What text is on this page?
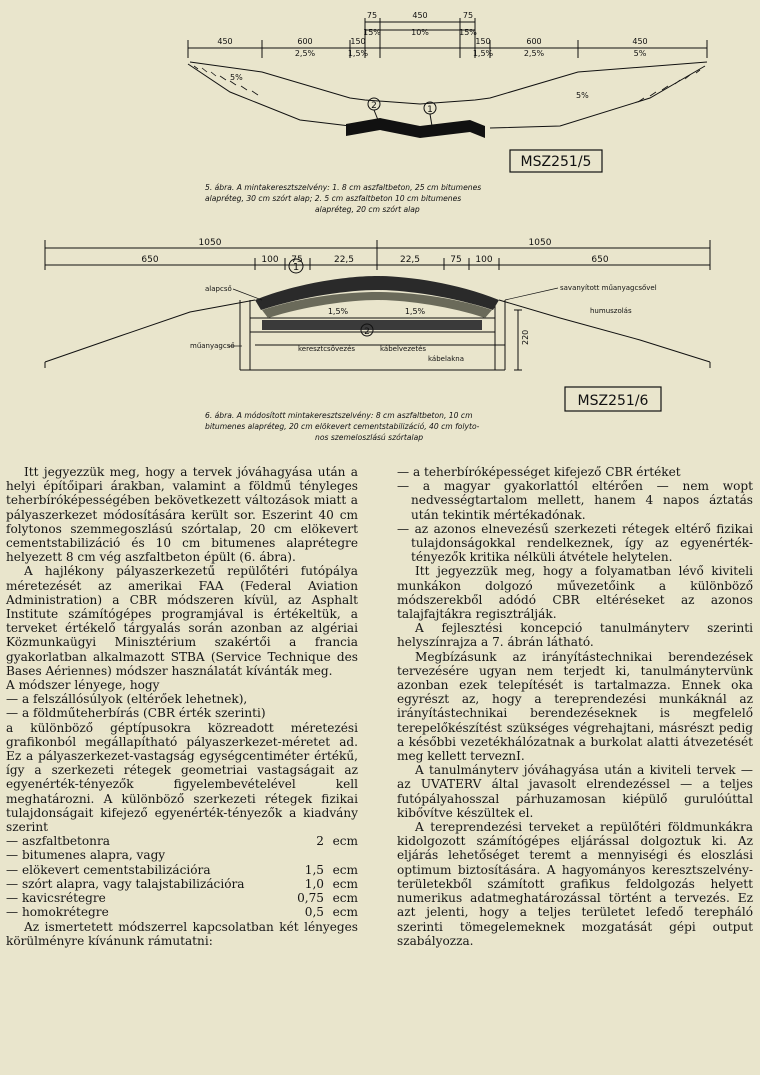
2	1
75	450	75
15%	10%	15%
450	600	150	150	600	450
2,5%	1,5%	1,5%	2,5%	5%
5%
5%
MSZ251/5
5. ábra. A mintakeresztszelvény: 1. 8 cm aszfaltbeton, 25 cm bitumenes
alapréteg, 30 cm szórt alap; 2. 5 cm aszfaltbeton 10 cm bitumenes
alapréteg, 20 cm szórt alap
1
2
1050	1050
650	100 75	22,5	22,5	75 100	650
1,5%	1,5%
220
alapcső
műanyagcső	keresztcsövezés	kábelvezetés
kábelakna
savanyított műanyagcsővel
humuszolás
MSZ251/6
6. ábra. A módosított mintakeresztszelvény: 8 cm aszfaltbeton, 10 cm
bitumenes alapréteg, 20 cm elökevert cementstabilizáció, 40 cm folyto-
nos szemeloszlású szórtalap

Itt jegyezzük meg, hogy a tervek jóváhagyása után a helyi építőipari árakban, valamint a földmű tényleges teherbíróképességében bekövetkezett változások miatt a pályaszerkezet módosítására került sor. Eszerint 40 cm folytonos szemmegoszlású szórtalap, 20 cm elökevert cementstabilizáció és 10 cm bitumenes alaprétegre helyezett 8 cm vég aszfaltbeton épült (6. ábra).

A hajlékony pályaszerkezetű repülőtéri futópálya méretezését az amerikai FAA (Federal Aviation Administration) a CBR módszeren kívül, az Asphalt Institute számítógépes programjával is értékeltük, a terveket értékelő tárgyalás során azonban az algériai Közmunkaügyi Minisztérium szakértői a francia gyakorlatban alkalmazott STBA (Service Technique des Bases Aériennes) módszer használatát kívánták meg.

A módszer lényege, hogy

— a felszállósúlyok (eltérőek lehetnek),
— a földműteherbírás (CBR érték szerinti)

a különböző géptípusokra közreadott méretezési grafikonból megállapítható pályaszerkezet-méretet ad. Ez a pályaszerkezet-vastagság egységcentiméter értékű, így a szerkezeti rétegek geometriai vastagságait az egyenérték-tényezők figyelembevételével kell meghatározni. A különböző szerkezeti rétegek fizikai tulajdonságait kifejező egyenérték-tényezők a kiadvány szerint

— aszfaltbetonra	2 ecm
— bitumenes alapra, vagy
— elökevert cementstabilizációra	1,5 ecm
— szórt alapra, vagy talajstabilizációra	1,0 ecm
— kavicsrétegre	0,75 ecm
— homokrétegre	0,5 ecm

Az ismertetett módszerrel kapcsolatban két lényeges körülményre kívánunk rámutatni:

— a teherbíróképességet kifejező CBR értéket
— a magyar gyakorlattól eltérően — nem wopt nedvességtartalom mellett, hanem 4 napos áztatás után tekintik mértékadónak.
— az azonos elnevezésű szerkezeti rétegek eltérő fizikai tulajdonságokkal rendelkeznek, így az egyenérték-tényezők kritika nélküli átvétele helytelen.

Itt jegyezzük meg, hogy a folyamatban lévő kiviteli munkákon dolgozó művezetőink a különböző módszerekből adódó CBR eltéréseket az azonos talajfajtákra regisztrálják.

A fejlesztési koncepció tanulmányterv szerinti helyszínrajza a 7. ábrán látható.

Megbízásunk az irányítástechnikai berendezések tervezésére ugyan nem terjedt ki, tanulmánytervünk azonban ezek telepítését is tartalmazza. Ennek oka egyrészt az, hogy a tereprendezési munkáknál az irányítástechnikai berendezéseknek is megfelelő terepelőkészítést szükséges végrehajtani, másrészt pedig a későbbi vezetékhálózatnak a burkolat alatti átvezetését meg kellett terveznI.

A tanulmányterv jóváhagyása után a kiviteli tervek — az UVATERV által javasolt elrendezéssel — a teljes futópályahosszal párhuzamosan kiépülő gurulóúttal kibővítve készültek el.

A tereprendezési terveket a repülőtéri földmunkákra kidolgozott számítógépes eljárással dolgoztuk ki. Az eljárás lehetőséget teremt a mennyiségi és eloszlási optimum biztosítására. A hagyományos keresztszelvény-területekből számított grafikus feldolgozás helyett numerikus adatmeghatározással történt a tervezés. Ez azt jelenti, hogy a teljes területet lefedő terepháló szerinti tömegelemeknek mozgatását gépi output szabályozza.
